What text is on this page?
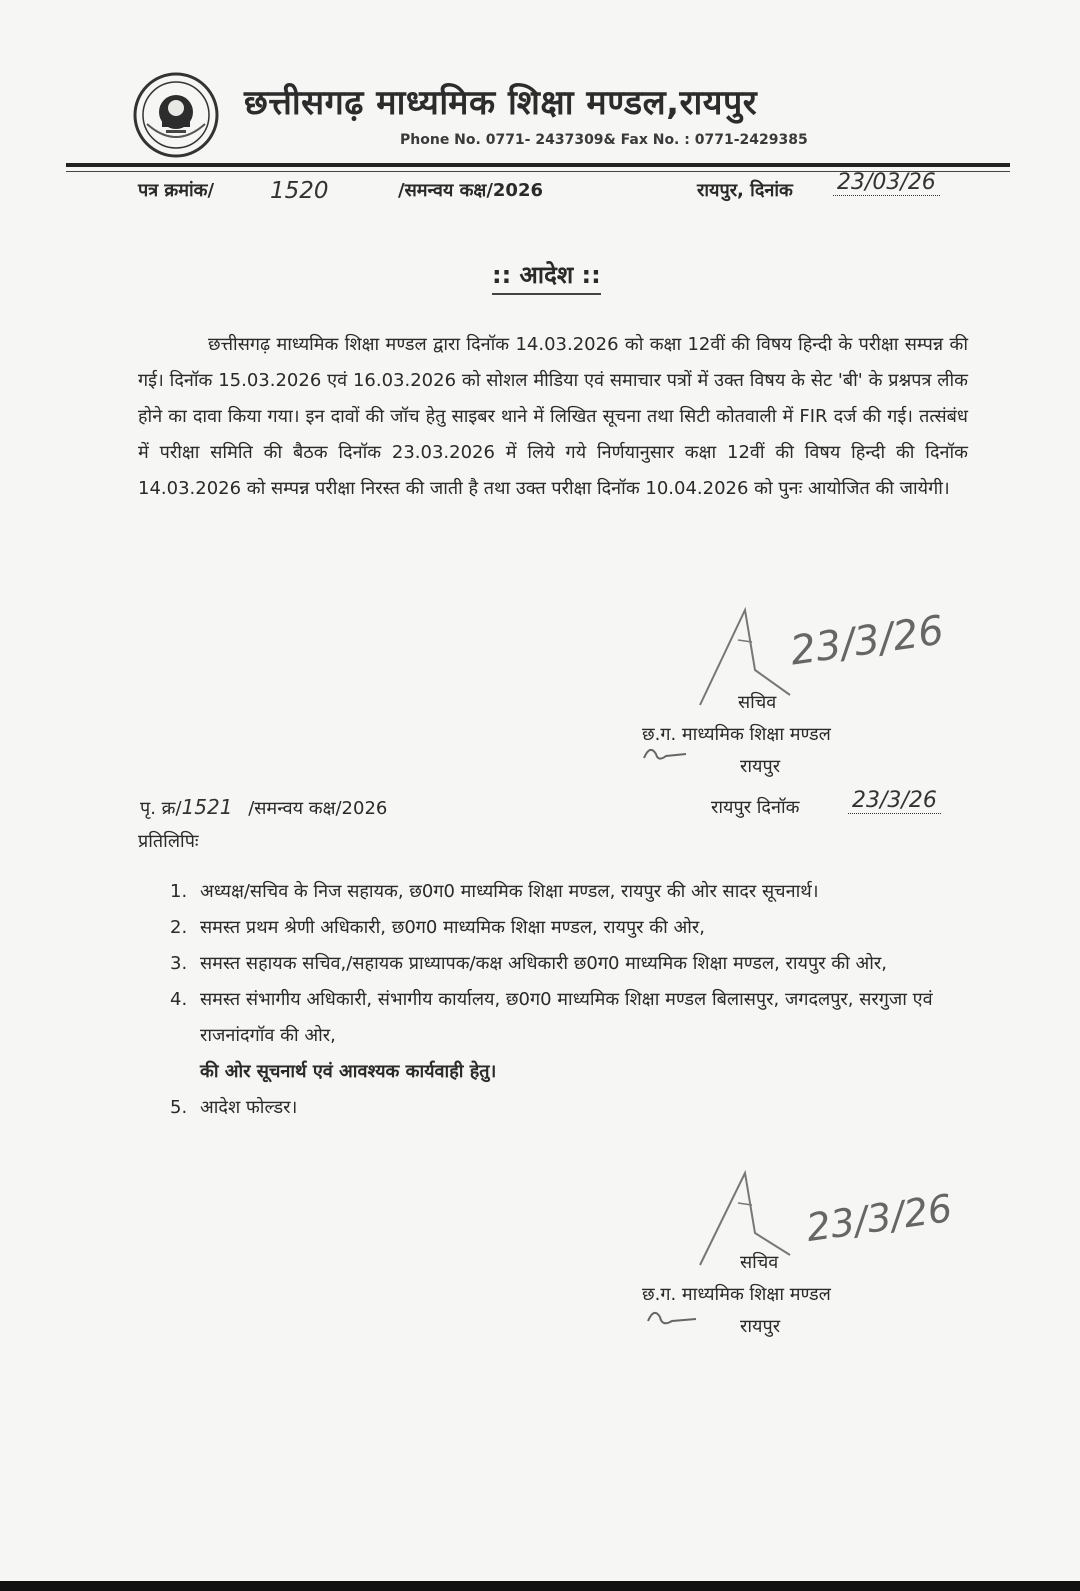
छत्तीसगढ़ माध्यमिक शिक्षा मण्डल,रायपुर
Phone No. 0771- 2437309& Fax No. : 0771-2429385
पत्र क्रमांक/ 1520	/समन्वय कक्ष/2026	रायपुर, दिनांक 23/03/26
:: आदेश ::
छत्तीसगढ़ माध्यमिक शिक्षा मण्डल द्वारा दिनॉक 14.03.2026 को कक्षा 12वीं की विषय हिन्दी के परीक्षा सम्पन्न की गई। दिनॉक 15.03.2026 एवं 16.03.2026 को सोशल मीडिया एवं समाचार पत्रों में उक्त विषय के सेट 'बी' के प्रश्नपत्र लीक होने का दावा किया गया। इन दावों की जॉच हेतु साइबर थाने में लिखित सूचना तथा सिटी कोतवाली में FIR दर्ज की गई। तत्संबंध में परीक्षा समिति की बैठक दिनॉक 23.03.2026 में लिये गये निर्णयानुसार कक्षा 12वीं की विषय हिन्दी की दिनॉक 14.03.2026 को सम्पन्न परीक्षा निरस्त की जाती है तथा उक्त परीक्षा दिनॉक 10.04.2026 को पुनः आयोजित की जायेगी।
23/3/26
सचिव
छ.ग. माध्यमिक शिक्षा मण्डल
रायपुर
पृ. क्र/1521 /समन्वय कक्ष/2026	रायपुर दिनॉक 23/3/26
प्रतिलिपिः
1. अध्यक्ष/सचिव के निज सहायक, छ0ग0 माध्यमिक शिक्षा मण्डल, रायपुर की ओर सादर सूचनार्थ।
2. समस्त प्रथम श्रेणी अधिकारी, छ0ग0 माध्यमिक शिक्षा मण्डल, रायपुर की ओर,
3. समस्त सहायक सचिव,/सहायक प्राध्यापक/कक्ष अधिकारी छ0ग0 माध्यमिक शिक्षा मण्डल, रायपुर की ओर,
4. समस्त संभागीय अधिकारी, संभागीय कार्यालय, छ0ग0 माध्यमिक शिक्षा मण्डल बिलासपुर, जगदलपुर, सरगुजा एवं राजनांदगॉव की ओर,
की ओर सूचनार्थ एवं आवश्यक कार्यवाही हेतु।
5. आदेश फोल्डर।
23/3/26
सचिव
छ.ग. माध्यमिक शिक्षा मण्डल
रायपुर
